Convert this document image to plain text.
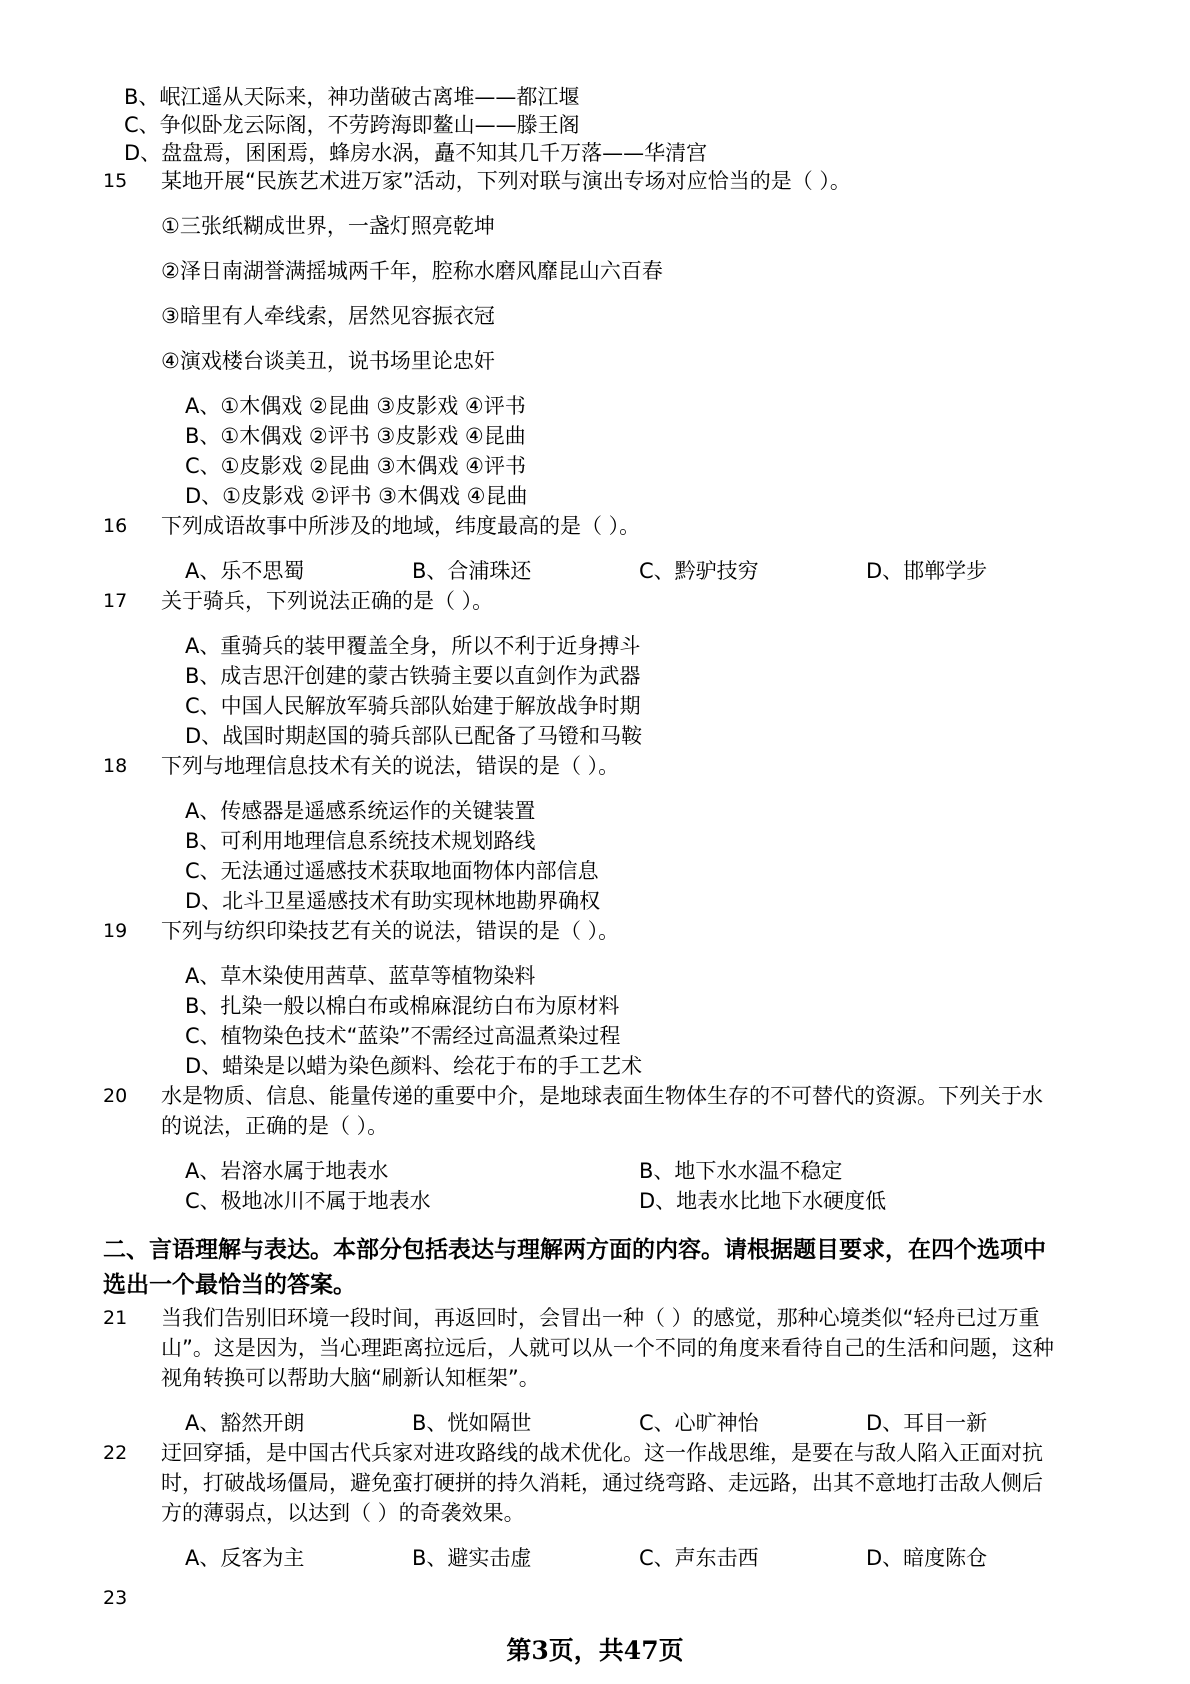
B、岷江遥从天际来，神功凿破古离堆——都江堰
C、争似卧龙云际阁，不劳跨海即鳌山——滕王阁
D、盘盘焉，囷囷焉，蜂房水涡，矗不知其几千万落——华清宫
15 某地开展“民族艺术进万家”活动，下列对联与演出专场对应恰当的是（ ）。
①三张纸糊成世界，一盏灯照亮乾坤
②泽日南湖誉满摇城两千年，腔称水磨风靡昆山六百春
③暗里有人牵线索，居然见容振衣冠
④演戏楼台谈美丑，说书场里论忠奸
A、①木偶戏 ②昆曲 ③皮影戏 ④评书
B、①木偶戏 ②评书 ③皮影戏 ④昆曲
C、①皮影戏 ②昆曲 ③木偶戏 ④评书
D、①皮影戏 ②评书 ③木偶戏 ④昆曲
16 下列成语故事中所涉及的地域，纬度最高的是（ ）。
A、乐不思蜀	B、合浦珠还	C、黔驴技穷	D、邯郸学步
17 关于骑兵，下列说法正确的是（ ）。
A、重骑兵的装甲覆盖全身，所以不利于近身搏斗
B、成吉思汗创建的蒙古铁骑主要以直剑作为武器
C、中国人民解放军骑兵部队始建于解放战争时期
D、战国时期赵国的骑兵部队已配备了马镫和马鞍
18 下列与地理信息技术有关的说法，错误的是（ ）。
A、传感器是遥感系统运作的关键装置
B、可利用地理信息系统技术规划路线
C、无法通过遥感技术获取地面物体内部信息
D、北斗卫星遥感技术有助实现林地勘界确权
19 下列与纺织印染技艺有关的说法，错误的是（ ）。
A、草木染使用茜草、蓝草等植物染料
B、扎染一般以棉白布或棉麻混纺白布为原材料
C、植物染色技术“蓝染”不需经过高温煮染过程
D、蜡染是以蜡为染色颜料、绘花于布的手工艺术
20 水是物质、信息、能量传递的重要中介，是地球表面生物体生存的不可替代的资源。下列关于水
的说法，正确的是（ ）。
A、岩溶水属于地表水	B、地下水水温不稳定
C、极地冰川不属于地表水	D、地表水比地下水硬度低
二、言语理解与表达。本部分包括表达与理解两方面的内容。请根据题目要求，在四个选项中
选出一个最恰当的答案。
21 当我们告别旧环境一段时间，再返回时，会冒出一种（ ）的感觉，那种心境类似“轻舟已过万重
山”。这是因为，当心理距离拉远后，人就可以从一个不同的角度来看待自己的生活和问题，这种
视角转换可以帮助大脑“刷新认知框架”。
A、豁然开朗	B、恍如隔世	C、心旷神怡	D、耳目一新
22 迂回穿插，是中国古代兵家对进攻路线的战术优化。这一作战思维，是要在与敌人陷入正面对抗
时，打破战场僵局，避免蛮打硬拼的持久消耗，通过绕弯路、走远路，出其不意地打击敌人侧后
方的薄弱点，以达到（ ）的奇袭效果。
A、反客为主	B、避实击虚	C、声东击西	D、暗度陈仓
23
第3页，共47页
